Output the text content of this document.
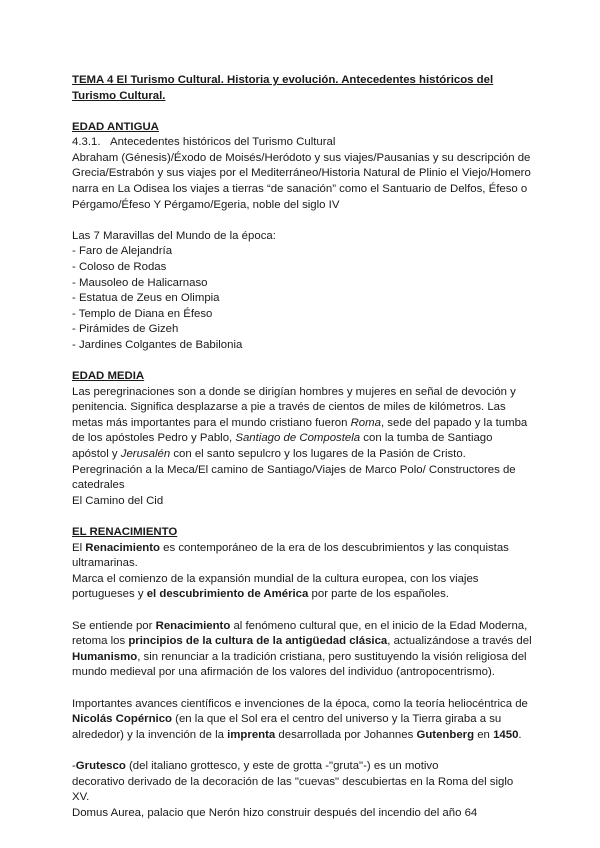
TEMA 4 El Turismo Cultural. Historia y evolución. Antecedentes históricos del Turismo Cultural.

EDAD ANTIGUA

4.3.1. Antecedentes históricos del Turismo Cultural

Abraham (Génesis)/Éxodo de Moisés/Heródoto y sus viajes/Pausanias y su descripción de Grecia/Estrabón y sus viajes por el Mediterráneo/Historia Natural de Plinio el Viejo/Homero narra en La Odisea los viajes a tierras “de sanación” como el Santuario de Delfos, Éfeso o Pérgamo/Éfeso Y Pérgamo/Egeria, noble del siglo IV

Las 7 Maravillas del Mundo de la época:

- Faro de Alejandría
- Coloso de Rodas
- Mausoleo de Halicarnaso
- Estatua de Zeus en Olimpia
- Templo de Diana en Éfeso
- Pirámides de Gizeh
- Jardines Colgantes de Babilonia

EDAD MEDIA

Las peregrinaciones son a donde se dirigían hombres y mujeres en señal de devoción y penitencia. Significa desplazarse a pie a través de cientos de miles de kilómetros. Las metas más importantes para el mundo cristiano fueron Roma, sede del papado y la tumba de los apóstoles Pedro y Pablo, Santiago de Compostela con la tumba de Santiago apóstol y Jerusalén con el santo sepulcro y los lugares de la Pasión de Cristo.

Peregrinación a la Meca/El camino de Santiago/Viajes de Marco Polo/ Constructores de catedrales

El Camino del Cid

EL RENACIMIENTO

El Renacimiento es contemporáneo de la era de los descubrimientos y las conquistas ultramarinas.

Marca el comienzo de la expansión mundial de la cultura europea, con los viajes portugueses y el descubrimiento de América por parte de los españoles.

Se entiende por Renacimiento al fenómeno cultural que, en el inicio de la Edad Moderna, retoma los principios de la cultura de la antigüedad clásica, actualizándose a través del Humanismo, sin renunciar a la tradición cristiana, pero sustituyendo la visión religiosa del mundo medieval por una afirmación de los valores del individuo (antropocentrismo).

Importantes avances científicos e invenciones de la época, como la teoría heliocéntrica de Nicolás Copérnico (en la que el Sol era el centro del universo y la Tierra giraba a su alrededor) y la invención de la imprenta desarrollada por Johannes Gutenberg en 1450.

-Grutesco (del italiano grottesco, y este de grotta -"gruta"-) es un motivo

decorativo derivado de la decoración de las "cuevas" descubiertas en la Roma del siglo XV.

Domus Aurea, palacio que Nerón hizo construir después del incendio del año 64
